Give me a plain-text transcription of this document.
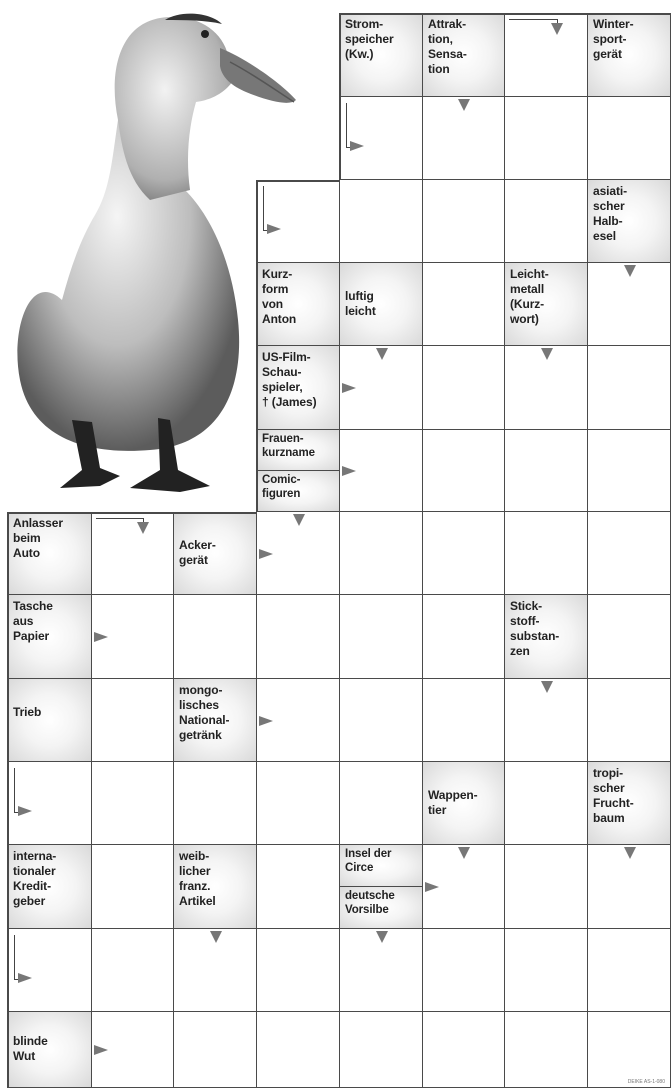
Strom-
speicher
(Kw.)
Attrak-
tion,
Sensa-
tion
Winter-
sport-
gerät
asiati-
scher
Halb-
esel
Kurz-
form
von
Anton
luftig
leicht
Leicht-
metall
(Kurz-
wort)
US-Film-
Schau-
spieler,
† (James)
Frauen-
kurzname
Comic-
figuren
Anlasser
beim
Auto
Acker-
gerät
Tasche
aus
Papier
Stick-
stoff-
substan-
zen
Trieb
mongo-
lisches
National-
getränk
Wappen-
tier
tropi-
scher
Frucht-
baum
interna-
tionaler
Kredit-
geber
weib-
licher
franz.
Artikel
Insel der
Circe
deutsche
Vorsilbe
blinde
Wut
DEIKE AS-1-080
